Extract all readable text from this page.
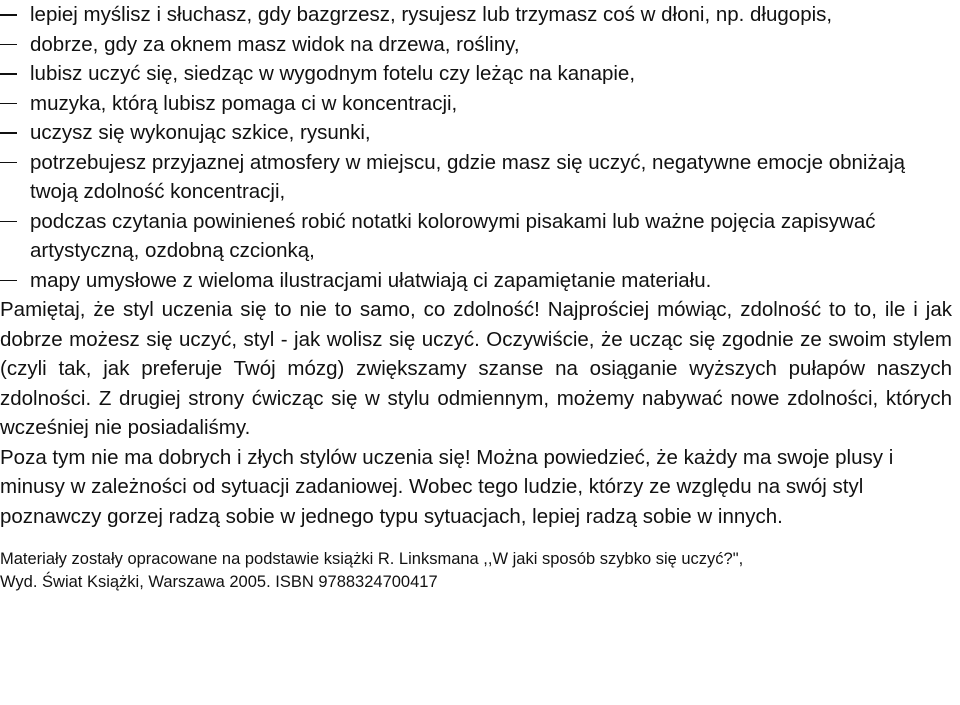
lepiej myślisz i słuchasz, gdy bazgrzesz, rysujesz lub trzymasz coś w dłoni, np. długopis,
dobrze, gdy za oknem masz widok na drzewa, rośliny,
lubisz uczyć się, siedząc w wygodnym fotelu czy leżąc na kanapie,
muzyka, którą lubisz pomaga ci w koncentracji,
uczysz się wykonując szkice, rysunki,
potrzebujesz przyjaznej atmosfery w miejscu, gdzie masz się uczyć, negatywne emocje obniżają twoją zdolność koncentracji,
podczas czytania powinieneś robić notatki kolorowymi pisakami lub ważne pojęcia zapisywać artystyczną, ozdobną czcionką,
mapy umysłowe z wieloma ilustracjami ułatwiają ci zapamiętanie materiału.

Pamiętaj, że styl uczenia się to nie to samo, co zdolność! Najprościej mówiąc, zdolność to to, ile i jak dobrze możesz się uczyć, styl - jak wolisz się uczyć. Oczywiście, że ucząc się zgodnie ze swoim stylem (czyli tak, jak preferuje Twój mózg) zwiększamy szanse na osiąganie wyższych pułapów naszych zdolności. Z drugiej strony ćwicząc się w stylu odmiennym, możemy nabywać nowe zdolności, których wcześniej nie posiadaliśmy.

Poza tym nie ma dobrych i złych stylów uczenia się! Można powiedzieć, że każdy ma swoje plusy i minusy w zależności od sytuacji zadaniowej. Wobec tego ludzie, którzy ze względu na swój styl poznawczy gorzej radzą sobie w jednego typu sytuacjach, lepiej radzą sobie w innych.

Materiały zostały opracowane na podstawie książki R. Linksmana ,,W jaki sposób szybko się uczyć?",

Wyd. Świat Książki, Warszawa 2005. ISBN 9788324700417
